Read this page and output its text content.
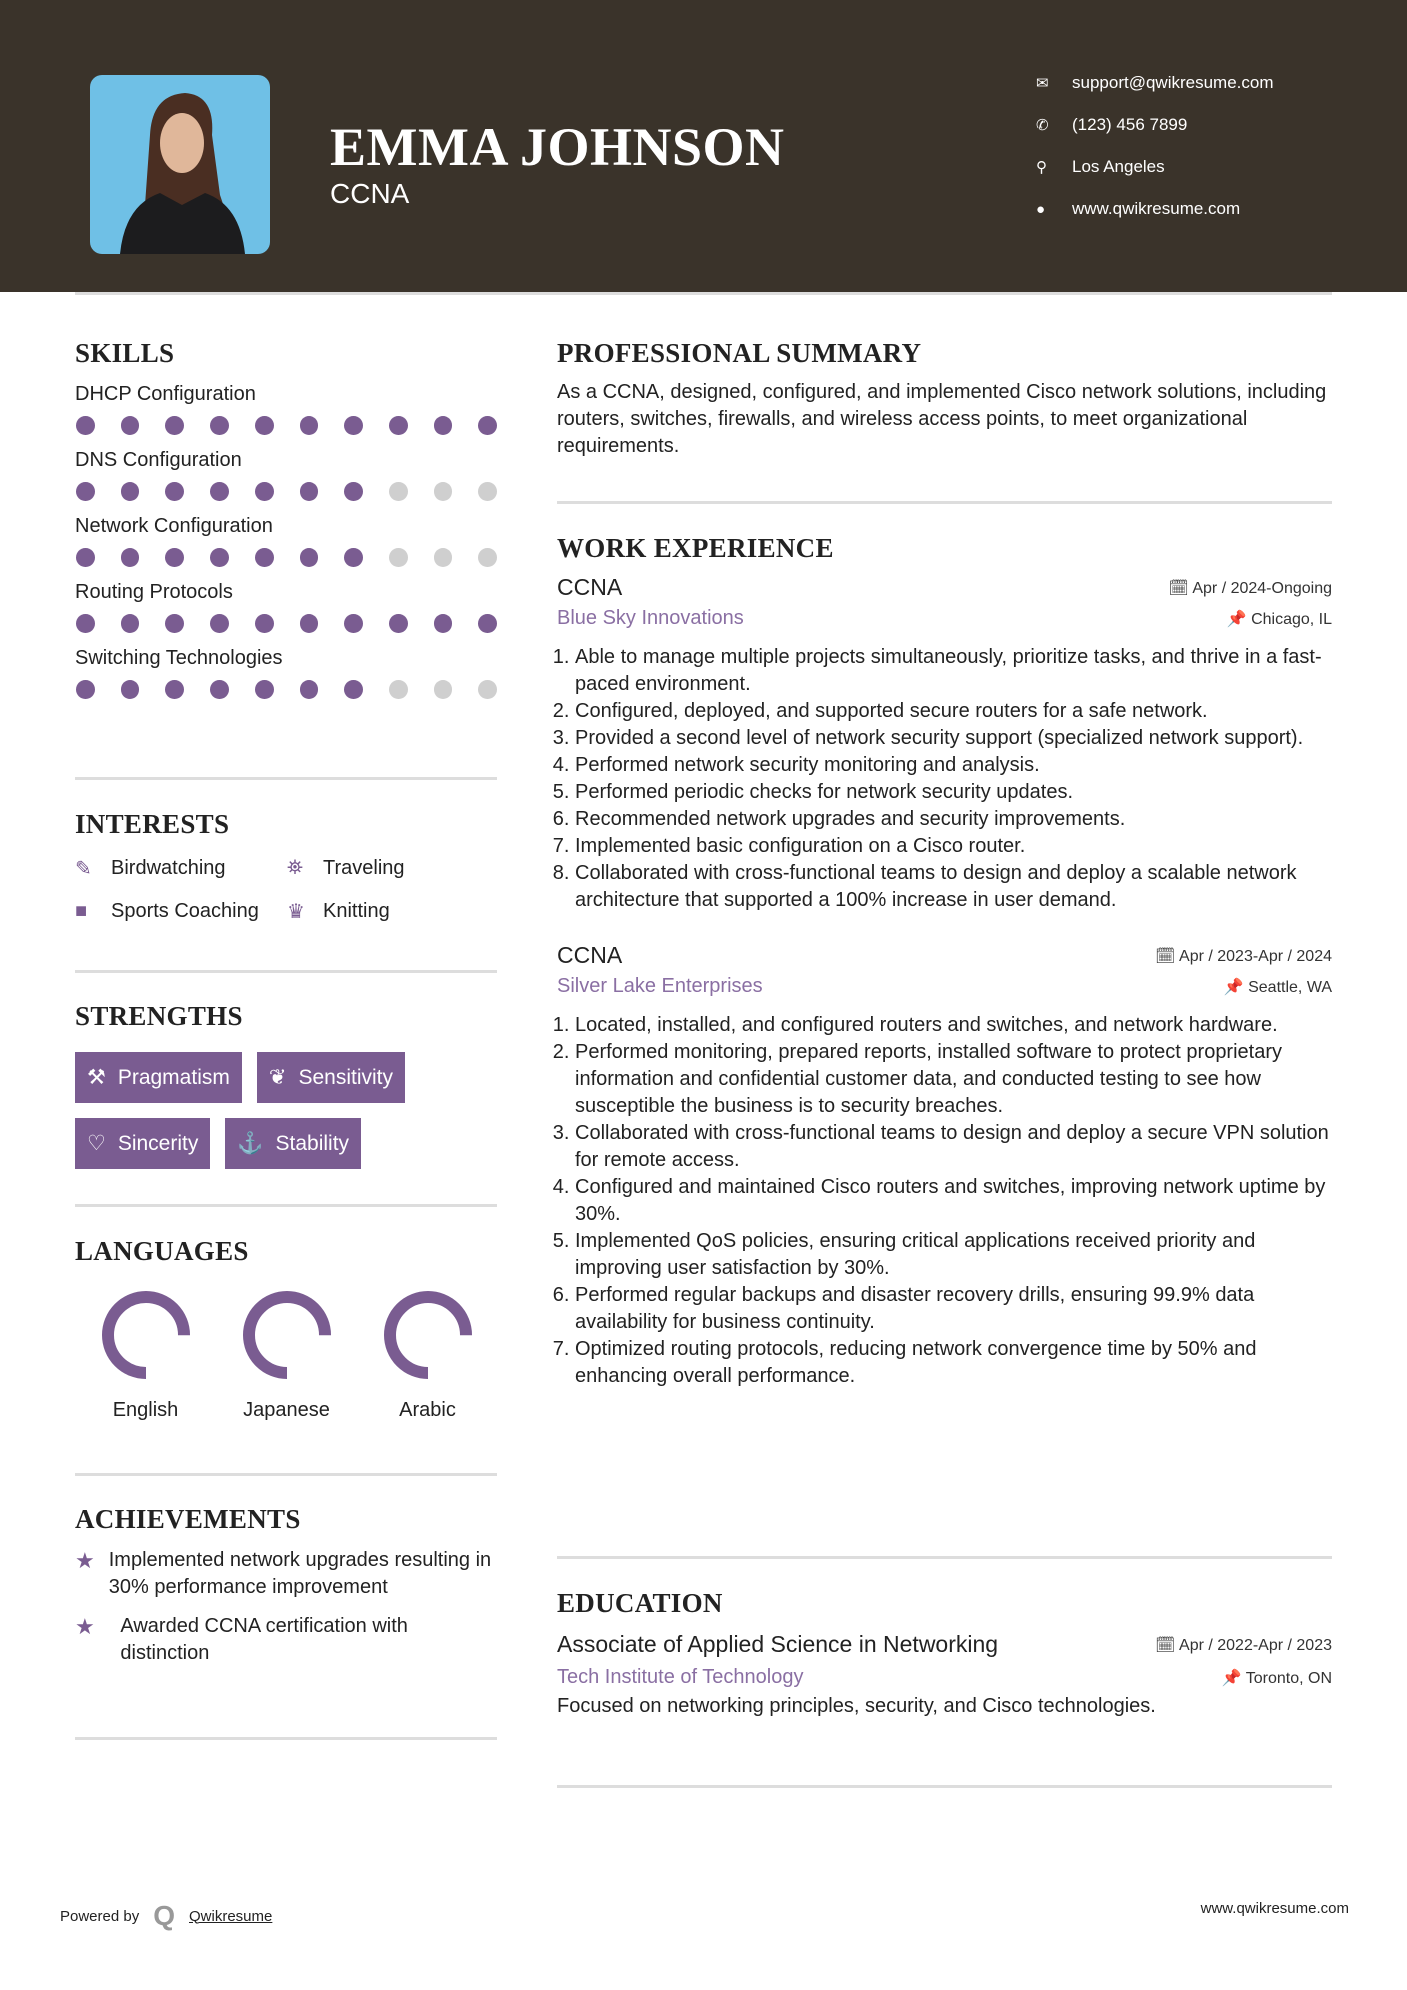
EMMA JOHNSON
CCNA
✉	support@qwikresume.com
✆	(123) 456 7899
⚲	Los Angeles
●	www.qwikresume.com
SKILLS
DHCP Configuration
DNS Configuration
Network Configuration
Routing Protocols
Switching Technologies
INTERESTS
✎ Birdwatching	⛯	Traveling
■	Sports Coaching ♛ Knitting
STRENGTHS
⚒ Pragmatism ❦ Sensitivity
♡ Sincerity ⚓ Stability
LANGUAGES
English	Japanese	Arabic
ACHIEVEMENTS
★ Implemented network upgrades resulting in 30% performance improvement
★	Awarded CCNA certification with distinction
PROFESSIONAL SUMMARY

As a CCNA, designed, configured, and implemented Cisco network solutions, including routers, switches, firewalls, and wireless access points, to meet organizational requirements.

WORK EXPERIENCE
CCNA	🗓 Apr / 2024-Ongoing
Blue Sky Innovations	📌 Chicago, IL
1. Able to manage multiple projects simultaneously, prioritize tasks, and thrive in a fast-paced environment.
2. Configured, deployed, and supported secure routers for a safe network.
3. Provided a second level of network security support (specialized network support).
4. Performed network security monitoring and analysis.
5. Performed periodic checks for network security updates.
6. Recommended network upgrades and security improvements.
7. Implemented basic configuration on a Cisco router.
8. Collaborated with cross-functional teams to design and deploy a scalable network architecture that supported a 100% increase in user demand.
CCNA	🗓 Apr / 2023-Apr / 2024
Silver Lake Enterprises	📌 Seattle, WA
1. Located, installed, and configured routers and switches, and network hardware.
2. Performed monitoring, prepared reports, installed software to protect proprietary information and confidential customer data, and conducted testing to see how susceptible the business is to security breaches.
3. Collaborated with cross-functional teams to design and deploy a secure VPN solution for remote access.
4. Configured and maintained Cisco routers and switches, improving network uptime by 30%.
5. Implemented QoS policies, ensuring critical applications received priority and improving user satisfaction by 30%.
6. Performed regular backups and disaster recovery drills, ensuring 99.9% data availability for business continuity.
7. Optimized routing protocols, reducing network convergence time by 50% and enhancing overall performance.
EDUCATION
Associate of Applied Science in Networking	🗓 Apr / 2022-Apr / 2023
Tech Institute of Technology	📌 Toronto, ON

Focused on networking principles, security, and Cisco technologies.

Powered by Q Qwikresume	www.qwikresume.com
